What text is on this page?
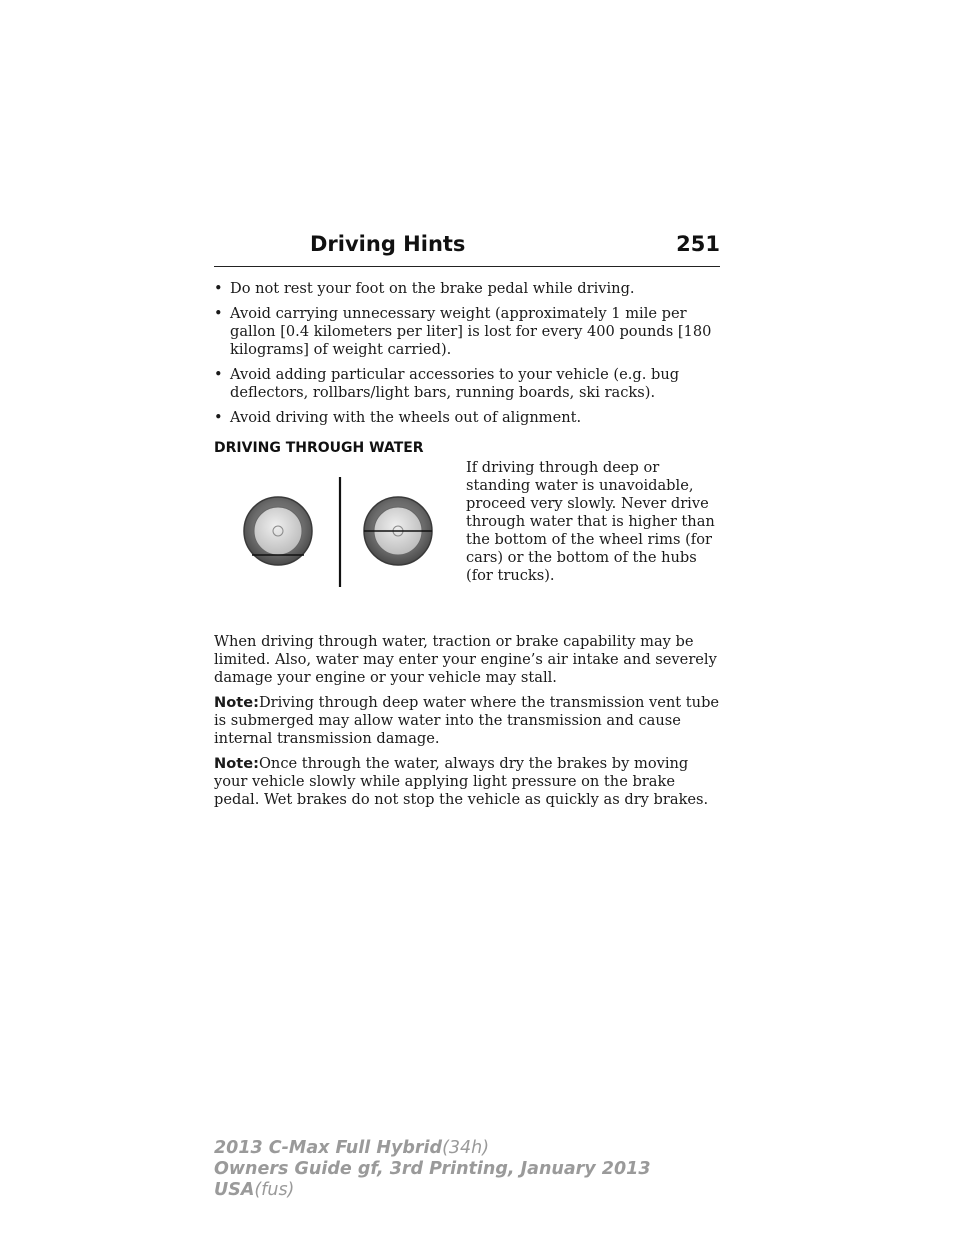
Driving Hints	251
• Do not rest your foot on the brake pedal while driving.
• Avoid carrying unnecessary weight (approximately 1 mile per gallon [0.4 kilometers per liter] is lost for every 400 pounds [180 kilograms] of weight carried).
• Avoid adding particular accessories to your vehicle (e.g. bug deflectors, rollbars/light bars, running boards, ski racks).
• Avoid driving with the wheels out of alignment.
DRIVING THROUGH WATER
If driving through deep or standing water is unavoidable, proceed very slowly. Never drive through water that is higher than the bottom of the wheel rims (for cars) or the bottom of the hubs (for trucks).

When driving through water, traction or brake capability may be limited. Also, water may enter your engine’s air intake and severely damage your engine or your vehicle may stall.

Note:Driving through deep water where the transmission vent tube is submerged may allow water into the transmission and cause internal transmission damage.

Note:Once through the water, always dry the brakes by moving your vehicle slowly while applying light pressure on the brake pedal. Wet brakes do not stop the vehicle as quickly as dry brakes.

2013 C-Max Full Hybrid(34h)
Owners Guide gf, 3rd Printing, January 2013
USA(fus)
